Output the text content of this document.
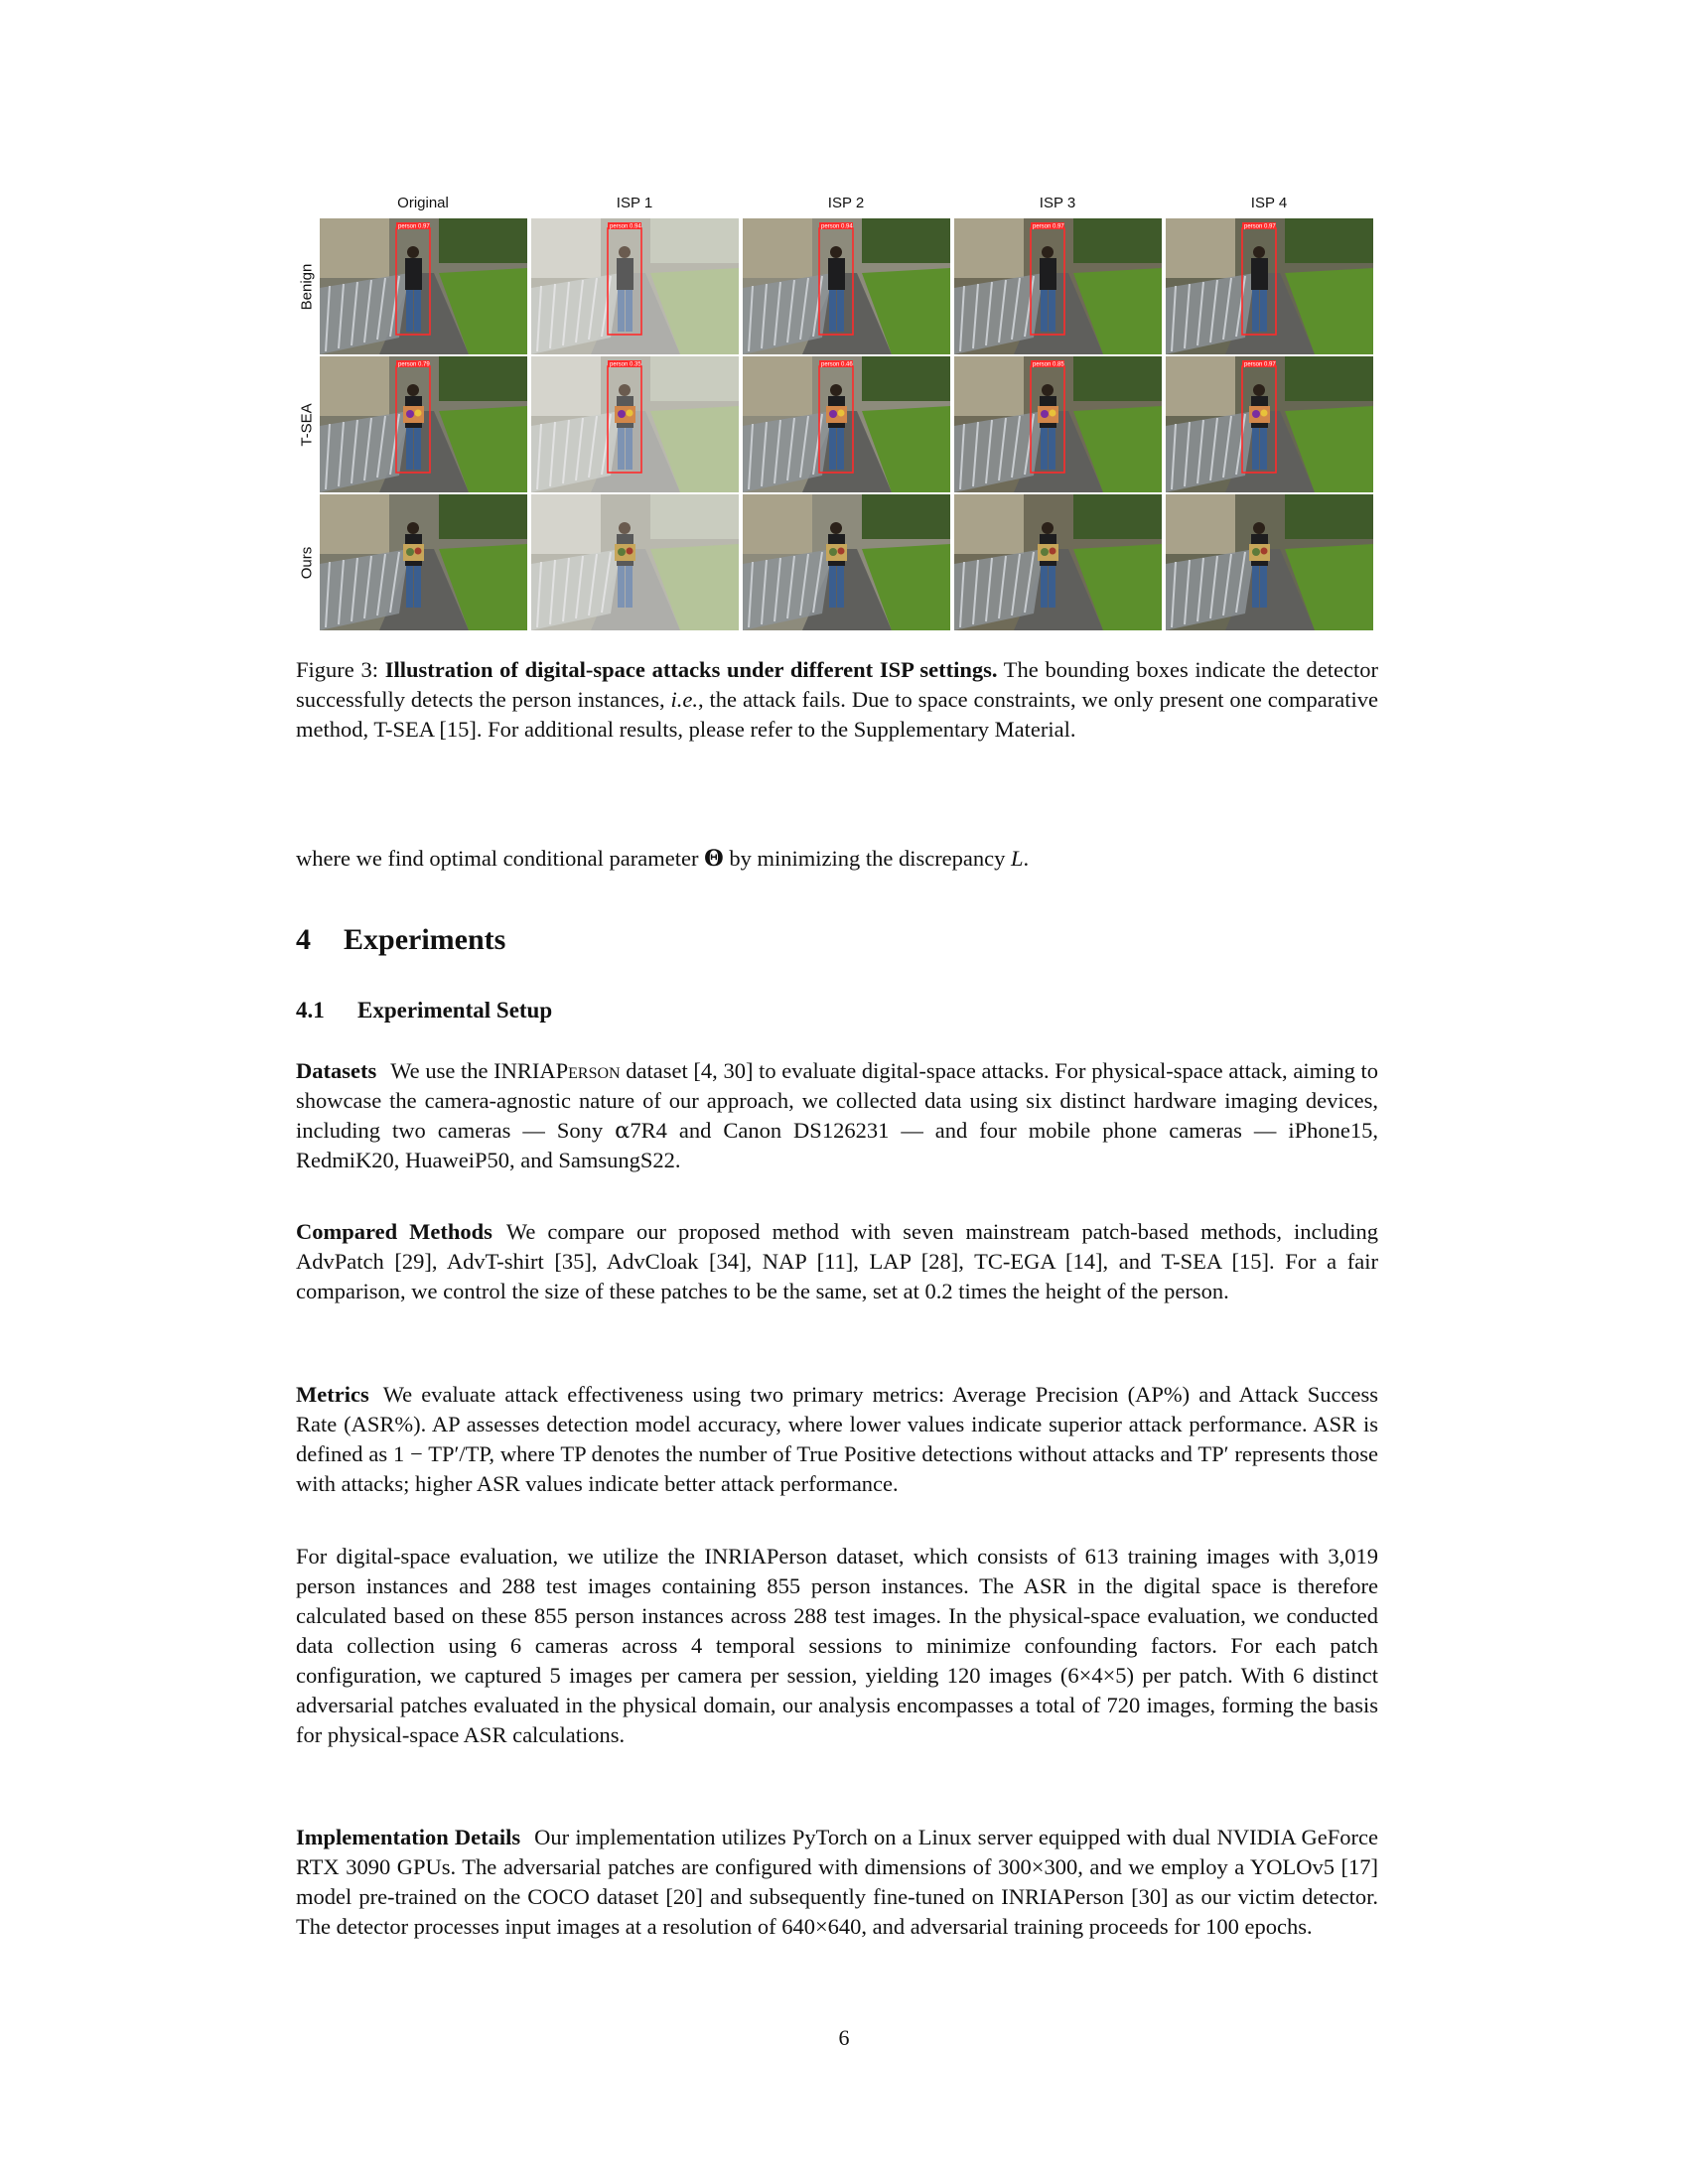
Original	ISP 1	ISP 2	ISP 3	ISP 4
Benign
T-SEA
Ours
person 0.97	person 0.94	person 0.94	person 0.97	person 0.97
person 0.79	person 0.35	person 0.46	person 0.85	person 0.97

Figure 3: Illustration of digital-space attacks under different ISP settings. The bounding boxes indicate the detector successfully detects the person instances, i.e., the attack fails. Due to space constraints, we only present one comparative method, T-SEA [15]. For additional results, please refer to the Supplementary Material.

where we find optimal conditional parameter Θ by minimizing the discrepancy L.

4 Experiments
4.1 Experimental Setup

Datasets We use the INRIAPerson dataset [4, 30] to evaluate digital-space attacks. For physical-space attack, aiming to showcase the camera-agnostic nature of our approach, we collected data using six distinct hardware imaging devices, including two cameras — Sony α7R4 and Canon DS126231 — and four mobile phone cameras — iPhone15, RedmiK20, HuaweiP50, and SamsungS22.

Compared Methods We compare our proposed method with seven mainstream patch-based methods, including AdvPatch [29], AdvT-shirt [35], AdvCloak [34], NAP [11], LAP [28], TC-EGA [14], and T-SEA [15]. For a fair comparison, we control the size of these patches to be the same, set at 0.2 times the height of the person.

Metrics We evaluate attack effectiveness using two primary metrics: Average Precision (AP%) and Attack Success Rate (ASR%). AP assesses detection model accuracy, where lower values indicate superior attack performance. ASR is defined as 1 − TP′/TP, where TP denotes the number of True Positive detections without attacks and TP′ represents those with attacks; higher ASR values indicate better attack performance.

For digital-space evaluation, we utilize the INRIAPerson dataset, which consists of 613 training images with 3,019 person instances and 288 test images containing 855 person instances. The ASR in the digital space is therefore calculated based on these 855 person instances across 288 test images. In the physical-space evaluation, we conducted data collection using 6 cameras across 4 temporal sessions to minimize confounding factors. For each patch configuration, we captured 5 images per camera per session, yielding 120 images (6×4×5) per patch. With 6 distinct adversarial patches evaluated in the physical domain, our analysis encompasses a total of 720 images, forming the basis for physical-space ASR calculations.

Implementation Details Our implementation utilizes PyTorch on a Linux server equipped with dual NVIDIA GeForce RTX 3090 GPUs. The adversarial patches are configured with dimensions of 300×300, and we employ a YOLOv5 [17] model pre-trained on the COCO dataset [20] and subsequently fine-tuned on INRIAPerson [30] as our victim detector. The detector processes input images at a resolution of 640×640, and adversarial training proceeds for 100 epochs.

6
